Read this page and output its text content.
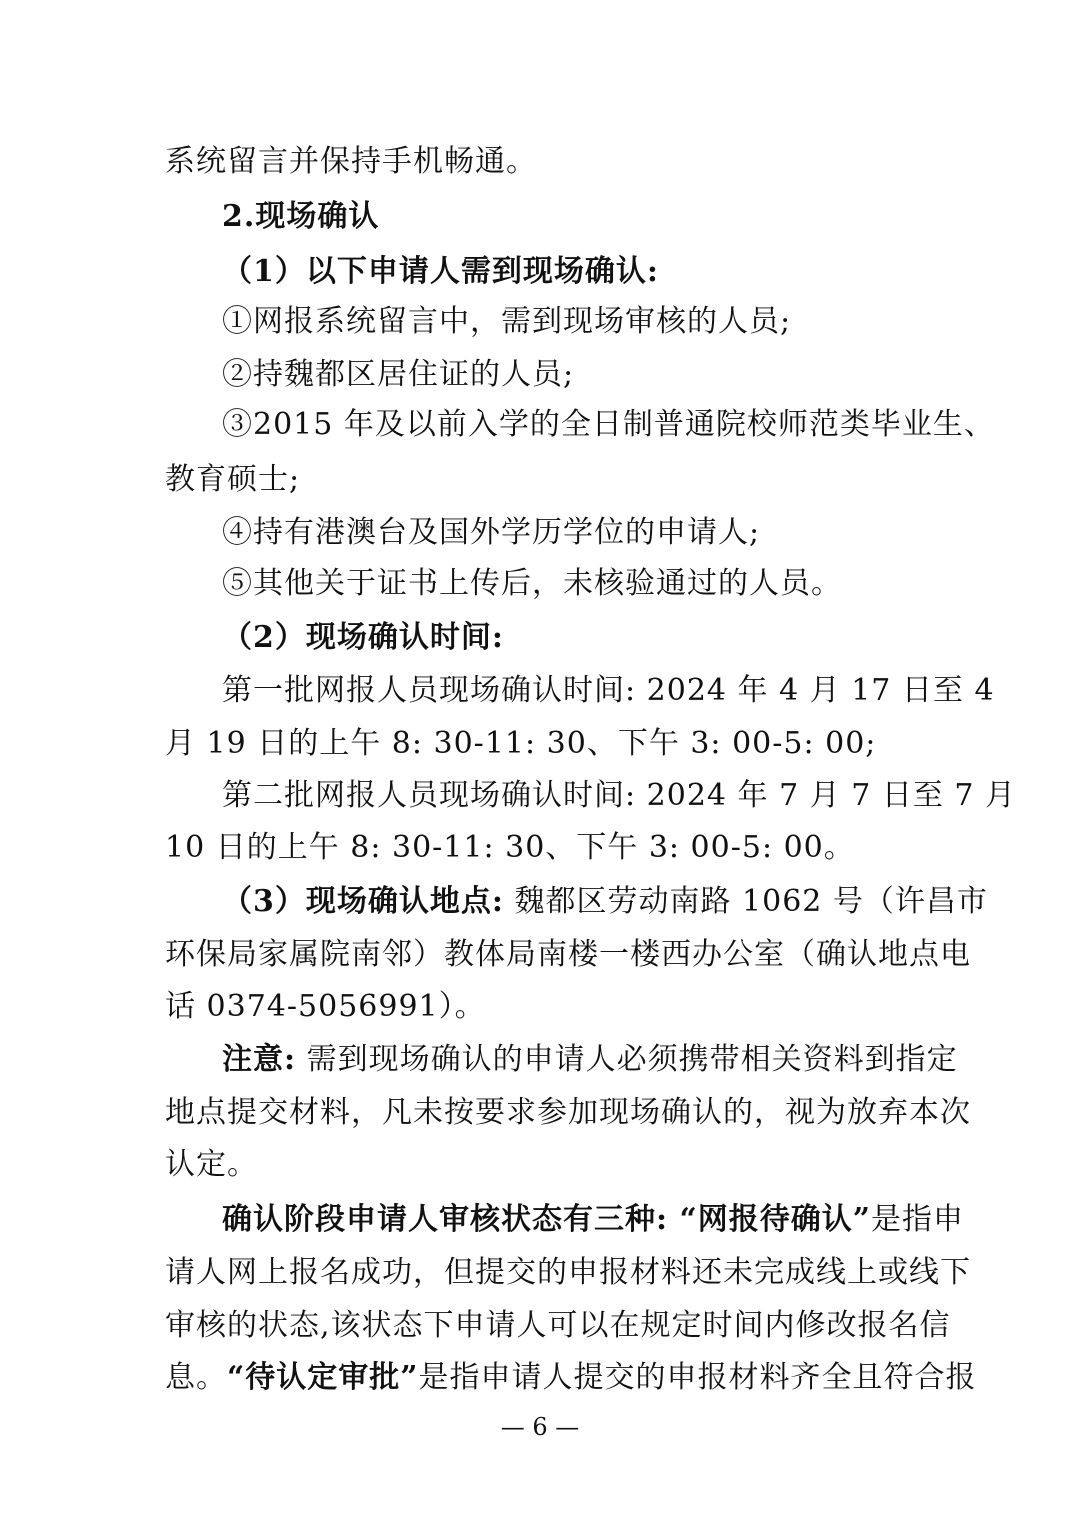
系统留言并保持手机畅通。
2.现场确认
（1）以下申请人需到现场确认:
①网报系统留言中，需到现场审核的人员;
②持魏都区居住证的人员;
③2015 年及以前入学的全日制普通院校师范类毕业生、
教育硕士;
④持有港澳台及国外学历学位的申请人;
⑤其他关于证书上传后，未核验通过的人员。
（2）现场确认时间:
第一批网报人员现场确认时间: 2024 年 4 月 17 日至 4
月 19 日的上午 8: 30-11: 30、下午 3: 00-5: 00;
第二批网报人员现场确认时间: 2024 年 7 月 7 日至 7 月
10 日的上午 8: 30-11: 30、下午 3: 00-5: 00。
（3）现场确认地点: 魏都区劳动南路 1062 号（许昌市
环保局家属院南邻）教体局南楼一楼西办公室（确认地点电
话 0374-5056991）。
注意: 需到现场确认的申请人必须携带相关资料到指定
地点提交材料，凡未按要求参加现场确认的，视为放弃本次
认定。
确认阶段申请人审核状态有三种: “网报待确认”是指申
请人网上报名成功，但提交的申报材料还未完成线上或线下
审核的状态,该状态下申请人可以在规定时间内修改报名信
息。“待认定审批”是指申请人提交的申报材料齐全且符合报
— 6 —
